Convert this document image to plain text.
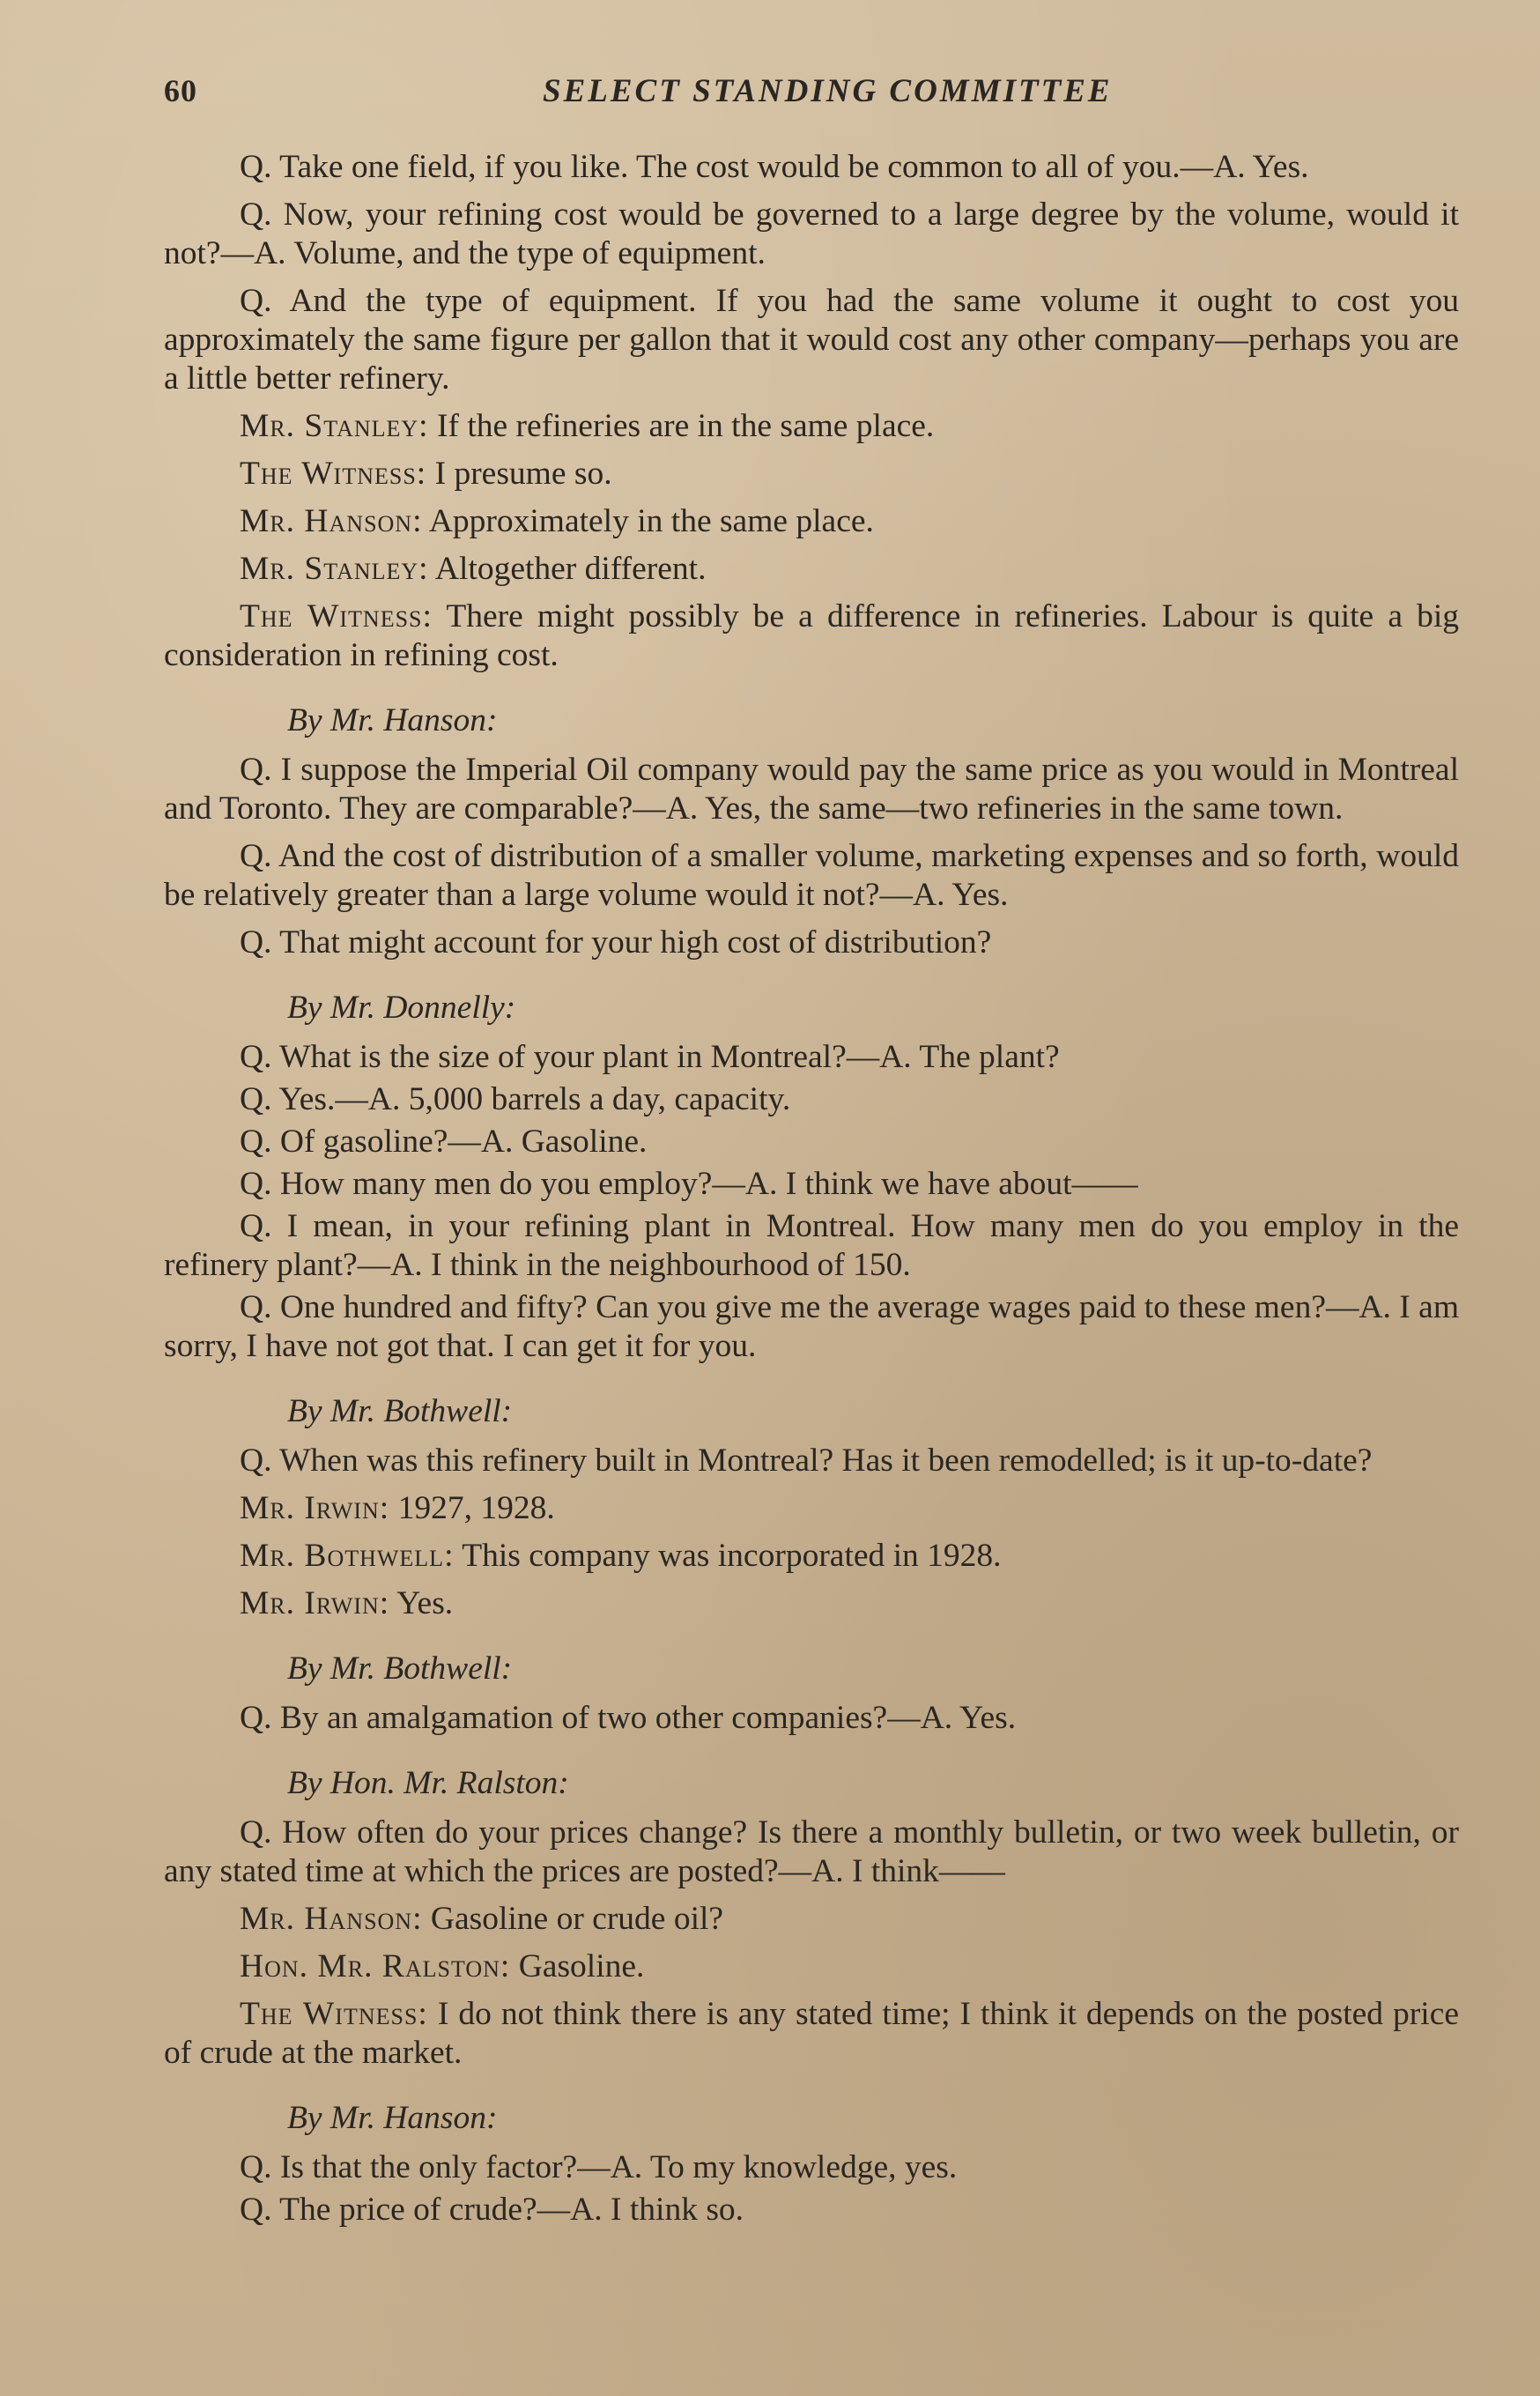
60	SELECT STANDING COMMITTEE

Q. Take one field, if you like. The cost would be common to all of you.—A. Yes.

Q. Now, your refining cost would be governed to a large degree by the volume, would it not?—A. Volume, and the type of equipment.

Q. And the type of equipment. If you had the same volume it ought to cost you approximately the same figure per gallon that it would cost any other company—perhaps you are a little better refinery.

Mr. Stanley: If the refineries are in the same place.

The Witness: I presume so.

Mr. Hanson: Approximately in the same place.

Mr. Stanley: Altogether different.

The Witness: There might possibly be a difference in refineries. Labour is quite a big consideration in refining cost.

By Mr. Hanson:

Q. I suppose the Imperial Oil company would pay the same price as you would in Montreal and Toronto. They are comparable?—A. Yes, the same—two refineries in the same town.

Q. And the cost of distribution of a smaller volume, marketing expenses and so forth, would be relatively greater than a large volume would it not?—A. Yes.

Q. That might account for your high cost of distribution?

By Mr. Donnelly:

Q. What is the size of your plant in Montreal?—A. The plant?

Q. Yes.—A. 5,000 barrels a day, capacity.

Q. Of gasoline?—A. Gasoline.

Q. How many men do you employ?—A. I think we have about——

Q. I mean, in your refining plant in Montreal. How many men do you employ in the refinery plant?—A. I think in the neighbourhood of 150.

Q. One hundred and fifty? Can you give me the average wages paid to these men?—A. I am sorry, I have not got that. I can get it for you.

By Mr. Bothwell:

Q. When was this refinery built in Montreal? Has it been remodelled; is it up-to-date?

Mr. Irwin: 1927, 1928.

Mr. Bothwell: This company was incorporated in 1928.

Mr. Irwin: Yes.

By Mr. Bothwell:

Q. By an amalgamation of two other companies?—A. Yes.

By Hon. Mr. Ralston:

Q. How often do your prices change? Is there a monthly bulletin, or two week bulletin, or any stated time at which the prices are posted?—A. I think——

Mr. Hanson: Gasoline or crude oil?

Hon. Mr. Ralston: Gasoline.

The Witness: I do not think there is any stated time; I think it depends on the posted price of crude at the market.

By Mr. Hanson:

Q. Is that the only factor?—A. To my knowledge, yes.

Q. The price of crude?—A. I think so.
